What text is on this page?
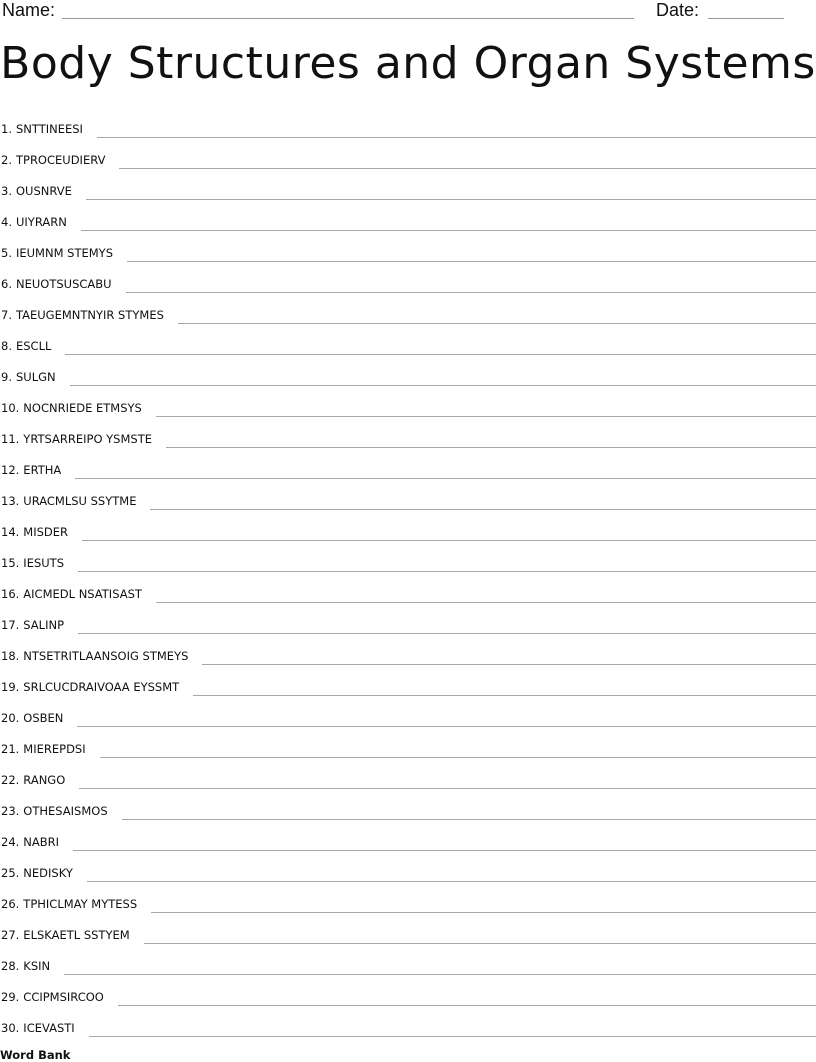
Name:	Date:
Body Structures and Organ Systems
1. SNTTINEESI
2. TPROCEUDIERV
3. OUSNRVE
4. UIYRARN
5. IEUMNM STEMYS
6. NEUOTSUSCABU
7. TAEUGEMNTNYIR STYMES
8. ESCLL
9. SULGN
10. NOCNRIEDE ETMSYS
11. YRTSARREIPO YSMSTE
12. ERTHA
13. URACMLSU SSYTME
14. MISDER
15. IESUTS
16. AICMEDL NSATISAST
17. SALINP
18. NTSETRITLAANSOIG STMEYS
19. SRLCUCDRAIVOAA EYSSMT
20. OSBEN
21. MIEREPDSI
22. RANGO
23. OTHESAISMOS
24. NABRI
25. NEDISKY
26. TPHICLMAY MYTESS
27. ELSKAETL SSTYEM
28. KSIN
29. CCIPMSIRCOO
30. ICEVASTI
Word Bank
